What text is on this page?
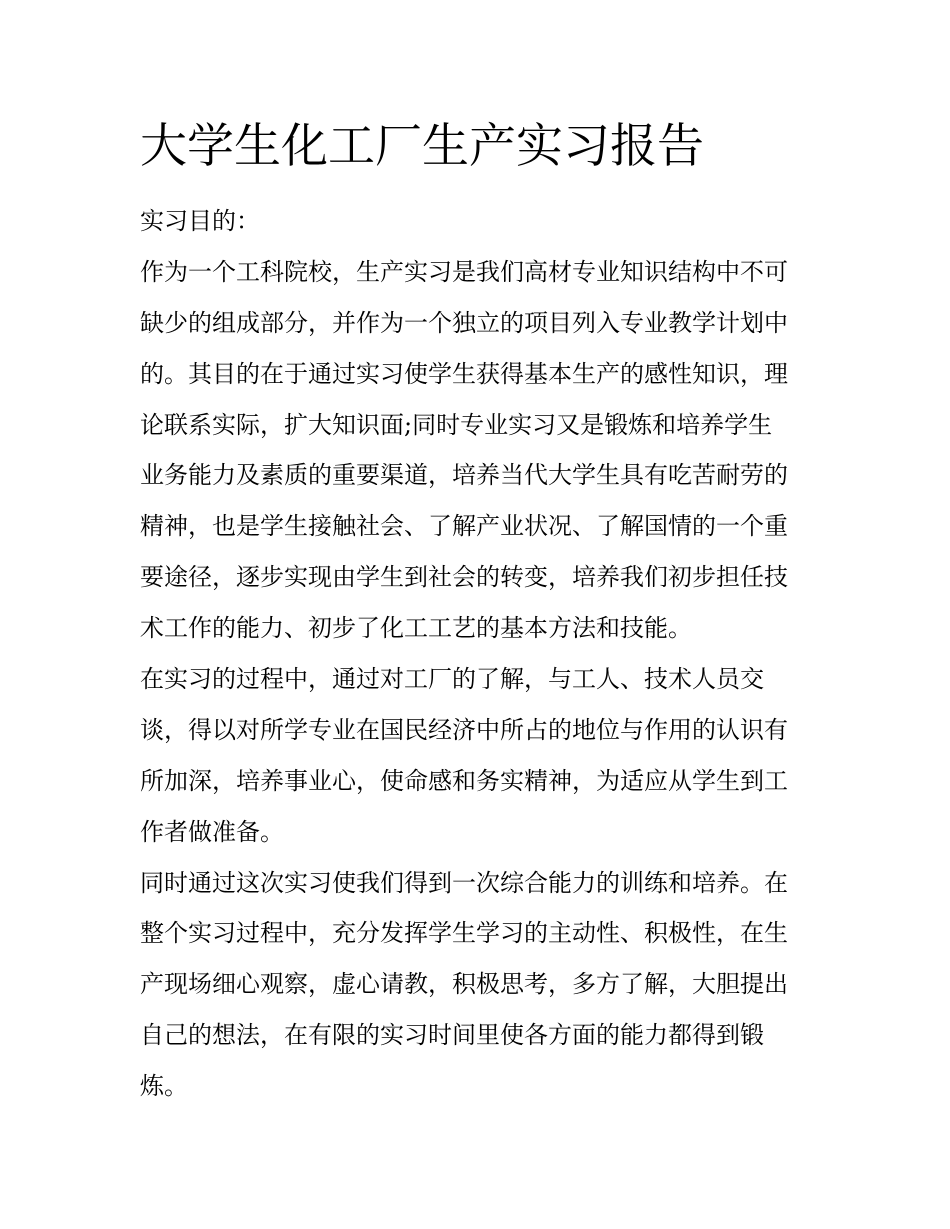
大学生化工厂生产实习报告
实习目的：
作为一个工科院校，生产实习是我们高材专业知识结构中不可
缺少的组成部分，并作为一个独立的项目列入专业教学计划中
的。其目的在于通过实习使学生获得基本生产的感性知识，理
论联系实际，扩大知识面;同时专业实习又是锻炼和培养学生
业务能力及素质的重要渠道，培养当代大学生具有吃苦耐劳的
精神，也是学生接触社会、了解产业状况、了解国情的一个重
要途径，逐步实现由学生到社会的转变，培养我们初步担任技
术工作的能力、初步了化工工艺的基本方法和技能。
在实习的过程中，通过对工厂的了解，与工人、技术人员交
谈，得以对所学专业在国民经济中所占的地位与作用的认识有
所加深，培养事业心，使命感和务实精神，为适应从学生到工
作者做准备。
同时通过这次实习使我们得到一次综合能力的训练和培养。在
整个实习过程中，充分发挥学生学习的主动性、积极性，在生
产现场细心观察，虚心请教，积极思考，多方了解，大胆提出
自己的想法，在有限的实习时间里使各方面的能力都得到锻
炼。
